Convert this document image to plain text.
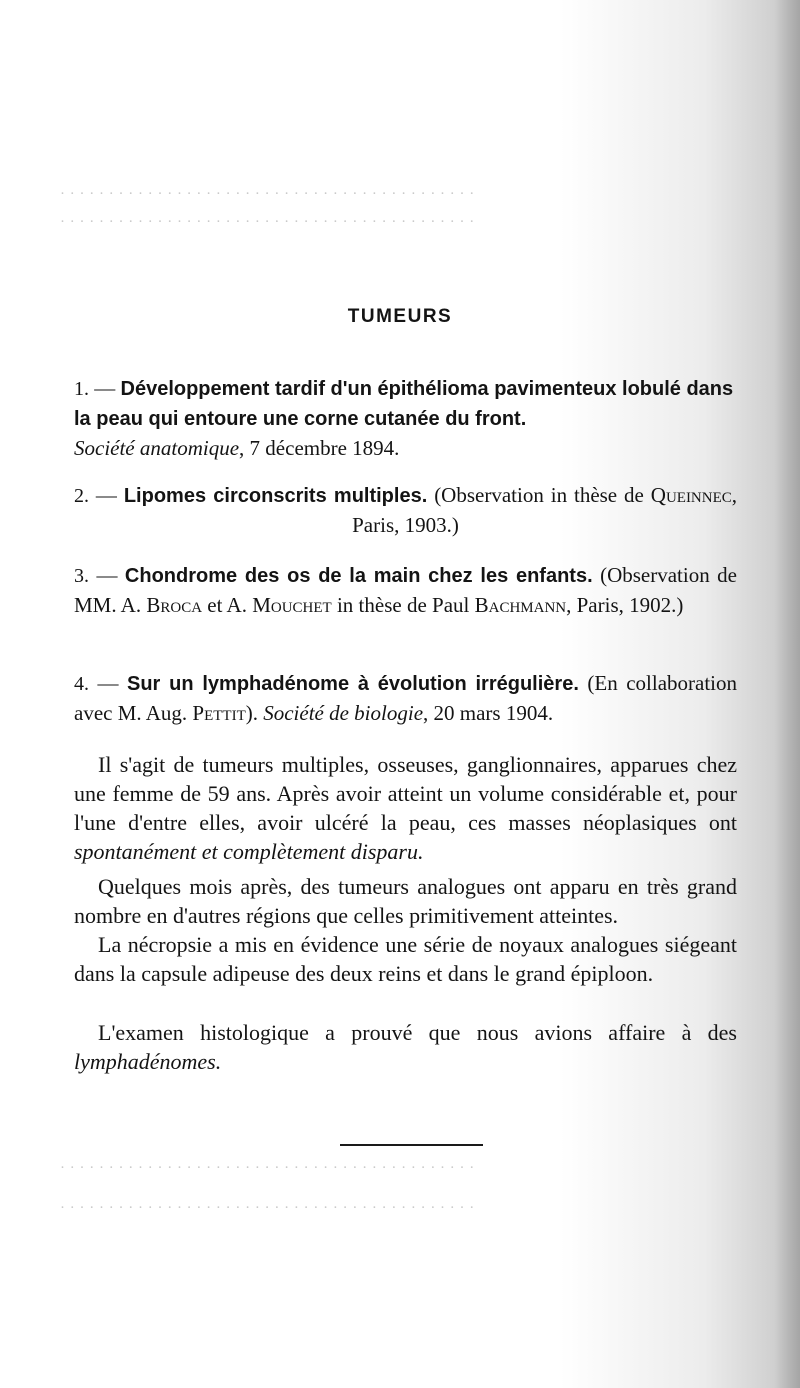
· · · · · · · · · · · · · · · · · · · · · · · · · · · · · · · · · · · · · · · · · · ·
· · · · · · · · · · · · · · · · · · · · · · · · · · · · · · · · · · · · · · · · · · ·
TUMEURS
1. — Développement tardif d'un épithélioma pavimenteux lobulé dans la peau qui entoure une corne cutanée du front.
Société anatomique, 7 décembre 1894.
2. — Lipomes circonscrits multiples. (Observation in thèse de Queinnec, Paris, 1903.)
3. — Chondrome des os de la main chez les enfants. (Observation de MM. A. Broca et A. Mouchet in thèse de Paul Bachmann, Paris, 1902.)
4. — Sur un lymphadénome à évolution irrégulière. (En collaboration avec M. Aug. Pettit). Société de biologie, 20 mars 1904.
Il s'agit de tumeurs multiples, osseuses, ganglionnaires, apparues chez une femme de 59 ans. Après avoir atteint un volume considérable et, pour l'une d'entre elles, avoir ulcéré la peau, ces masses néoplasiques ont spontanément et complètement disparu.
Quelques mois après, des tumeurs analogues ont apparu en très grand nombre en d'autres régions que celles primitivement atteintes.
La nécropsie a mis en évidence une série de noyaux analogues siégeant dans la capsule adipeuse des deux reins et dans le grand épiploon.
L'examen histologique a prouvé que nous avions affaire à des lymphadénomes.
· · · · · · · · · · · · · · · · · · · · · · · · · · · · · · · · · · · · · · · · · · ·
· · · · · · · · · · · · · · · · · · · · · · · · · · · · · · · · · · · · · · · · · · ·
